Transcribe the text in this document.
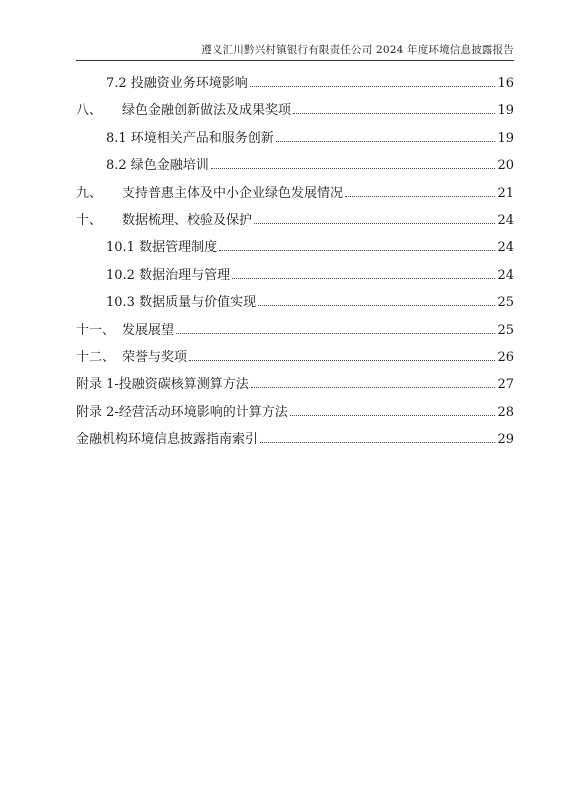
遵义汇川黔兴村镇银行有限责任公司 2024 年度环境信息披露报告
7.2 投融资业务环境影响	16
八、 绿色金融创新做法及成果奖项	19
8.1 环境相关产品和服务创新	19
8.2 绿色金融培训	20
九、 支持普惠主体及中小企业绿色发展情况	21
十、 数据梳理、校验及保护	24
10.1 数据管理制度	24
10.2 数据治理与管理	24
10.3 数据质量与价值实现	25
十一、 发展展望	25
十二、 荣誉与奖项	26
附录 1-投融资碳核算测算方法	27
附录 2-经营活动环境影响的计算方法	28
金融机构环境信息披露指南索引	29
